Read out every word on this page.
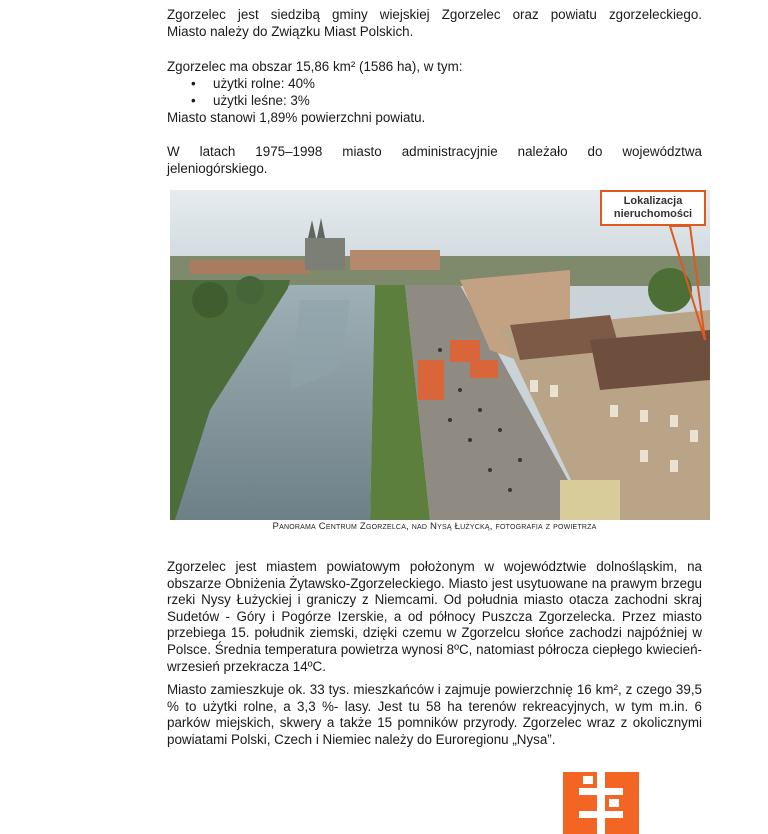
Zgorzelec jest siedzibą gminy wiejskiej Zgorzelec oraz powiatu zgorzeleckiego.
Miasto należy do Związku Miast Polskich.
Zgorzelec ma obszar 15,86 km² (1586 ha), w tym:
• użytki rolne: 40%
• użytki leśne: 3%
Miasto stanowi 1,89% powierzchni powiatu.
W latach 1975–1998 miasto administracyjnie należało do województwa
jeleniogórskiego.
Lokalizacja nieruchomości
Panorama Centrum Zgorzelca, nad Nysą Łużycką, fotografia z powietrza
Zgorzelec jest miastem powiatowym położonym w województwie dolnośląskim, na obszarze Obniżenia Żytawsko-Zgorzeleckiego. Miasto jest usytuowane na prawym brzegu rzeki Nysy Łużyckiej i graniczy z Niemcami. Od południa miasto otacza zachodni skraj Sudetów - Góry i Pogórze Izerskie, a od północy Puszcza Zgorzelecka. Przez miasto przebiega 15. południk ziemski, dzięki czemu w Zgorzelcu słońce zachodzi najpóźniej w Polsce. Średnia temperatura powietrza wynosi 8ºC, natomiast półrocza ciepłego kwiecień- wrzesień przekracza 14ºC.
Miasto zamieszkuje ok. 33 tys. mieszkańców i zajmuje powierzchnię 16 km², z czego 39,5 % to użytki rolne, a 3,3 %- lasy. Jest tu 58 ha terenów rekreacyjnych, w tym m.in. 6 parków miejskich, skwery a także 15 pomników przyrody. Zgorzelec wraz z okolicznymi powiatami Polski, Czech i Niemiec należy do Euroregionu „Nysa”.
